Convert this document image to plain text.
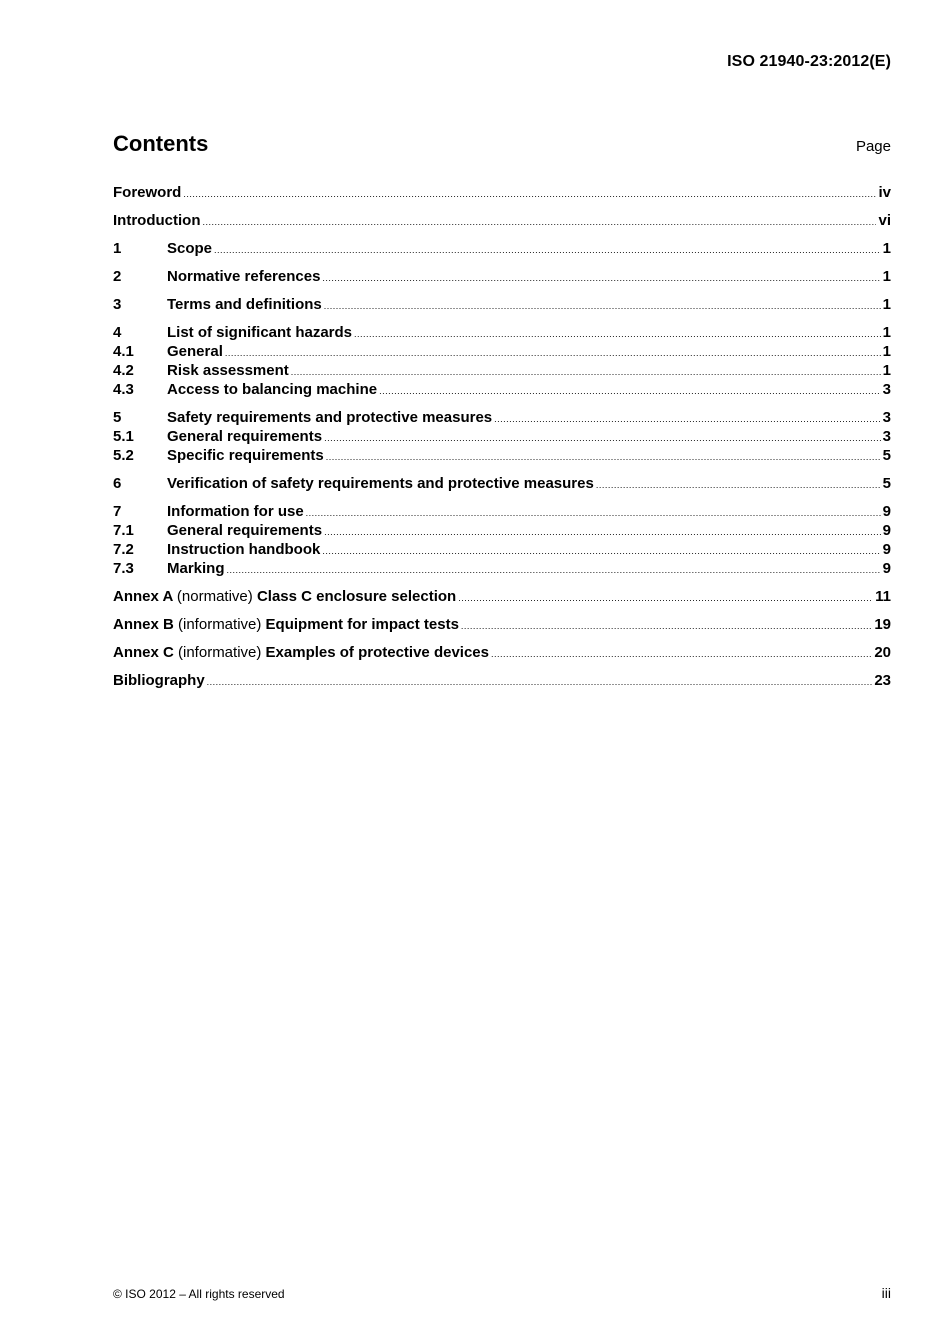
ISO 21940-23:2012(E)
Contents	Page
Foreword .....	iv
Introduction .....	vi
1	Scope .....	1
2	Normative references .....	1
3	Terms and definitions .....	1
4	List of significant hazards .....	1
4.1	General .....	1
4.2	Risk assessment .....	1
4.3	Access to balancing machine .....	3
5	Safety requirements and protective measures .....	3
5.1	General requirements .....	3
5.2	Specific requirements .....	5
6	Verification of safety requirements and protective measures .....	5
7	Information for use .....	9
7.1	General requirements .....	9
7.2	Instruction handbook .....	9
7.3	Marking .....	9
Annex A (normative) Class C enclosure selection .....	11
Annex B (informative) Equipment for impact tests .....	19
Annex C (informative) Examples of protective devices .....	20
Bibliography .....	23
© ISO 2012 – All rights reserved	iii
